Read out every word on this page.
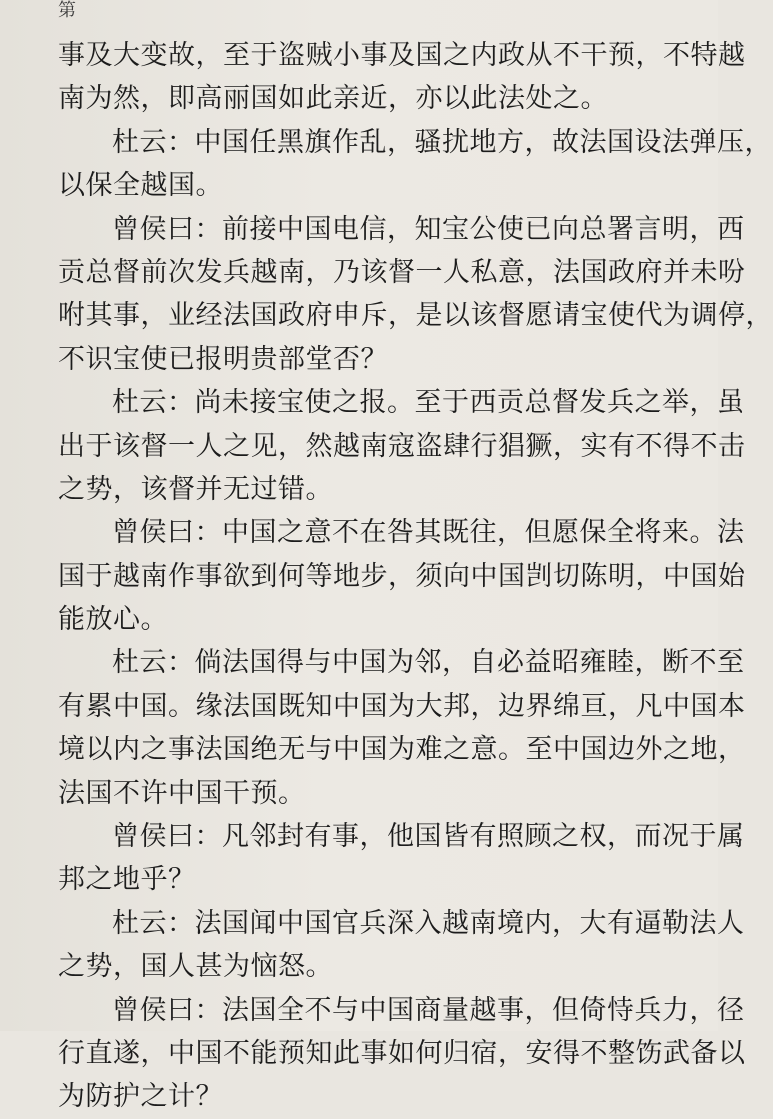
第
事及大变故，至于盗贼小事及国之内政从不干预，不特越
南为然，即高丽国如此亲近，亦以此法处之。
杜云：中国任黑旗作乱，骚扰地方，故法国设法弹压，
以保全越国。
曾侯曰：前接中国电信，知宝公使已向总署言明，西
贡总督前次发兵越南，乃该督一人私意，法国政府并未吩
咐其事，业经法国政府申斥，是以该督愿请宝使代为调停，
不识宝使已报明贵部堂否？
杜云：尚未接宝使之报。至于西贡总督发兵之举，虽
出于该督一人之见，然越南寇盗肆行猖獗，实有不得不击
之势，该督并无过错。
曾侯曰：中国之意不在咎其既往，但愿保全将来。法
国于越南作事欲到何等地步，须向中国剀切陈明，中国始
能放心。
杜云：倘法国得与中国为邻，自必益昭雍睦，断不至
有累中国。缘法国既知中国为大邦，边界绵亘，凡中国本
境以内之事法国绝无与中国为难之意。至中国边外之地，
法国不许中国干预。
曾侯曰：凡邻封有事，他国皆有照顾之权，而况于属
邦之地乎？
杜云：法国闻中国官兵深入越南境内，大有逼勒法人
之势，国人甚为恼怒。
曾侯曰：法国全不与中国商量越事，但倚恃兵力，径
行直遂，中国不能预知此事如何归宿，安得不整饬武备以
为防护之计？
